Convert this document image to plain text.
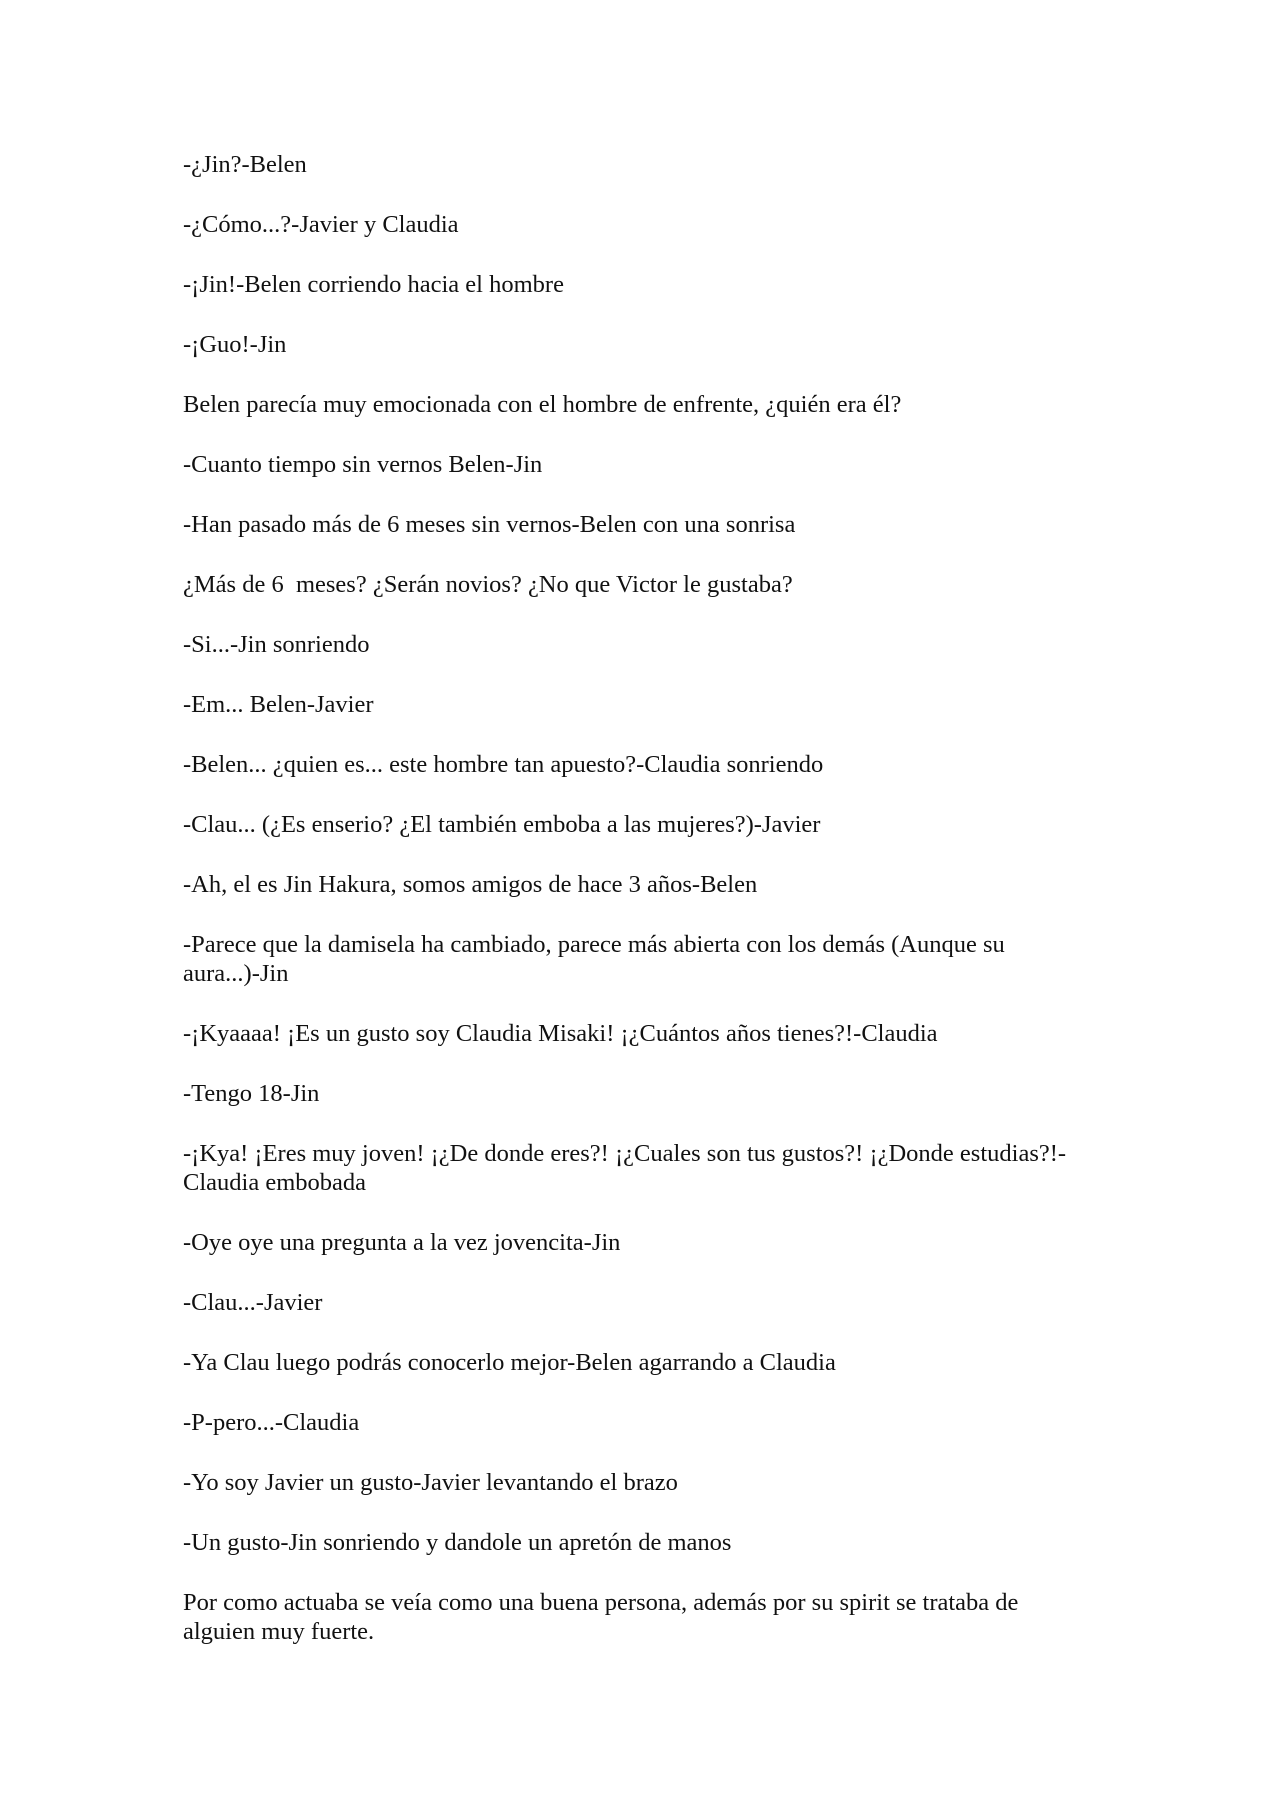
-¿Jin?-Belen

-¿Cómo...?-Javier y Claudia

-¡Jin!-Belen corriendo hacia el hombre

-¡Guo!-Jin

Belen parecía muy emocionada con el hombre de enfrente, ¿quién era él?

-Cuanto tiempo sin vernos Belen-Jin

-Han pasado más de 6 meses sin vernos-Belen con una sonrisa

¿Más de 6  meses? ¿Serán novios? ¿No que Victor le gustaba?

-Si...-Jin sonriendo

-Em... Belen-Javier

-Belen... ¿quien es... este hombre tan apuesto?-Claudia sonriendo

-Clau... (¿Es enserio? ¿El también emboba a las mujeres?)-Javier

-Ah, el es Jin Hakura, somos amigos de hace 3 años-Belen

-Parece que la damisela ha cambiado, parece más abierta con los demás (Aunque su aura...)-Jin

-¡Kyaaaa! ¡Es un gusto soy Claudia Misaki! ¡¿Cuántos años tienes?!-Claudia

-Tengo 18-Jin

-¡Kya! ¡Eres muy joven! ¡¿De donde eres?! ¡¿Cuales son tus gustos?! ¡¿Donde estudias?!-Claudia embobada

-Oye oye una pregunta a la vez jovencita-Jin

-Clau...-Javier

-Ya Clau luego podrás conocerlo mejor-Belen agarrando a Claudia

-P-pero...-Claudia

-Yo soy Javier un gusto-Javier levantando el brazo

-Un gusto-Jin sonriendo y dandole un apretón de manos

Por como actuaba se veía como una buena persona, además por su spirit se trataba de alguien muy fuerte.
